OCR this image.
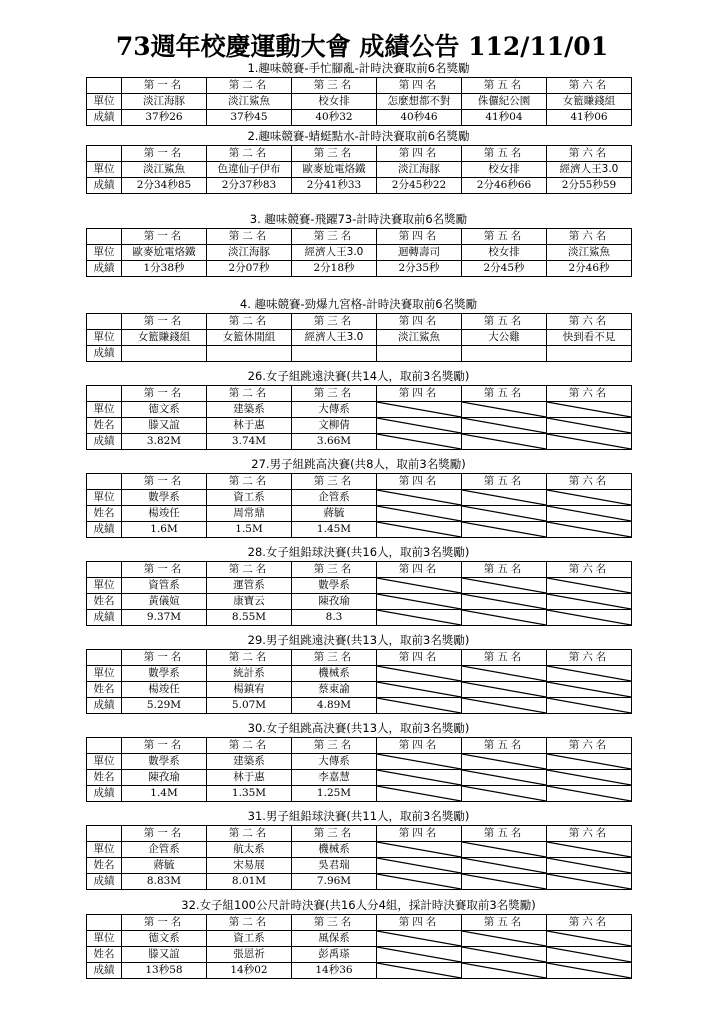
73週年校慶運動大會 成績公告 112/11/01
1.趣味競賽-手忙腳亂-計時決賽取前6名獎勵
	第一名	第二名	第三名	第四名	第五名	第六名
單位	淡江海豚	淡江鯊魚	校女排	怎麼想都不對	侏儸紀公園	女籃賺錢組
成績	37秒26	37秒45	40秒32	40秒46	41秒04	41秒06
2.趣味競賽-蜻蜓點水-計時決賽取前6名獎勵
	第一名	第二名	第三名	第四名	第五名	第六名
單位	淡江鯊魚	色違仙子伊布	歐麥尬電烙鐵	淡江海豚	校女排	經濟人王3.0
成績	2分34秒85	2分37秒83	2分41秒33	2分45秒22	2分46秒66	2分55秒59
3. 趣味競賽-飛躍73-計時決賽取前6名獎勵
	第一名	第二名	第三名	第四名	第五名	第六名
單位	歐麥尬電烙鐵	淡江海豚	經濟人王3.0	迴轉壽司	校女排	淡江鯊魚
成績	1分38秒	2分07秒	2分18秒	2分35秒	2分45秒	2分46秒
4. 趣味競賽-勁爆九宮格-計時決賽取前6名獎勵
	第一名	第二名	第三名	第四名	第五名	第六名
單位	女籃賺錢組	女籃休閒組	經濟人王3.0	淡江鯊魚	大公雞	快到看不見
成績						
26.女子組跳遠決賽(共14人，取前3名獎勵)
	第一名	第二名	第三名	第四名	第五名	第六名
單位	德文系	建築系	大傳系	

姓名	滕又誼	林于惠	文柳倩	

成績	3.82M	3.74M	3.66M	

27.男子組跳高決賽(共8人，取前3名獎勵)
	第一名	第二名	第三名	第四名	第五名	第六名
單位	數學系	資工系	企管系	

姓名	楊竣任	周常鼎	蔣毓	

成績	1.6M	1.5M	1.45M	

28.女子組鉛球決賽(共16人，取前3名獎勵)
	第一名	第二名	第三名	第四名	第五名	第六名
單位	資管系	運管系	數學系	

姓名	黃儀媗	康寶云	陳孜瑜	

成績	9.37M	8.55M	8.3	

29.男子組跳遠決賽(共13人，取前3名獎勵)
	第一名	第二名	第三名	第四名	第五名	第六名
單位	數學系	統計系	機械系	

姓名	楊竣任	楊鎮宥	蔡東諭	

成績	5.29M	5.07M	4.89M	

30.女子組跳高決賽(共13人，取前3名獎勵)
	第一名	第二名	第三名	第四名	第五名	第六名
單位	數學系	建築系	大傳系	

姓名	陳孜瑜	林于惠	李嘉慧	

成績	1.4M	1.35M	1.25M	

31.男子組鉛球決賽(共11人，取前3名獎勵)
	第一名	第二名	第三名	第四名	第五名	第六名
單位	企管系	航太系	機械系	

姓名	蔣毓	宋易展	吳君瑞	

成績	8.83M	8.01M	7.96M	

32.女子組100公尺計時決賽(共16人分4組，採計時決賽取前3名獎勵)
	第一名	第二名	第三名	第四名	第五名	第六名
單位	德文系	資工系	風保系	

姓名	滕又誼	張恩祈	彭禹瑹	

成績	13秒58	14秒02	14秒36	
